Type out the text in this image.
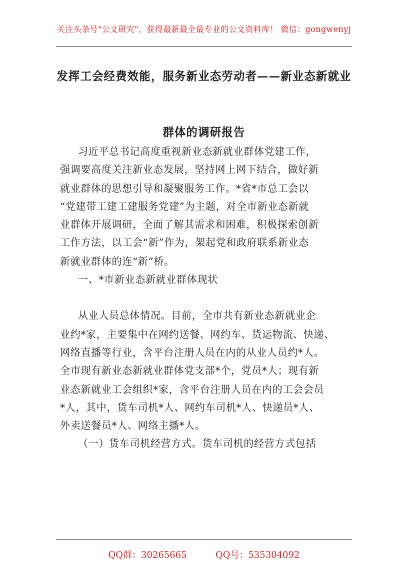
关注头条号"公文研究"，获得最新最全最专业的公文资料库！ 微信：gongwenyj
发挥工会经费效能，服务新业态劳动者——新业态新就业
群体的调研报告
习近平总书记高度重视新业态新就业群体党建工作，
强调要高度关注新业态发展，坚持网上网下结合，做好新
就业群体的思想引导和凝聚服务工作。*省*市总工会以
“党建带工建工建服务党建”为主题，对全市新业态新就
业群体开展调研，全面了解其需求和困难，积极探索创新
工作方法，以工会“新”作为，架起党和政府联系新业态
新就业群体的连“新”桥。
一、*市新业态新就业群体现状
从业人员总体情况。目前，全市共有新业态新就业企
业约*家，主要集中在网约送餐、网约车、货运物流、快递、
网络直播等行业，含平台注册人员在内的从业人员约*人。
全市现有新业态新就业群体党支部*个，党员*人；现有新
业态新就业工会组织*家，含平台注册人员在内的工会会员
*人，其中，货车司机*人、网约车司机*人、快递员*人、
外卖送餐员*人、网络主播*人。
（一）货车司机经营方式。货车司机的经营方式包括
QQ群：30265665          QQ号：535304092
